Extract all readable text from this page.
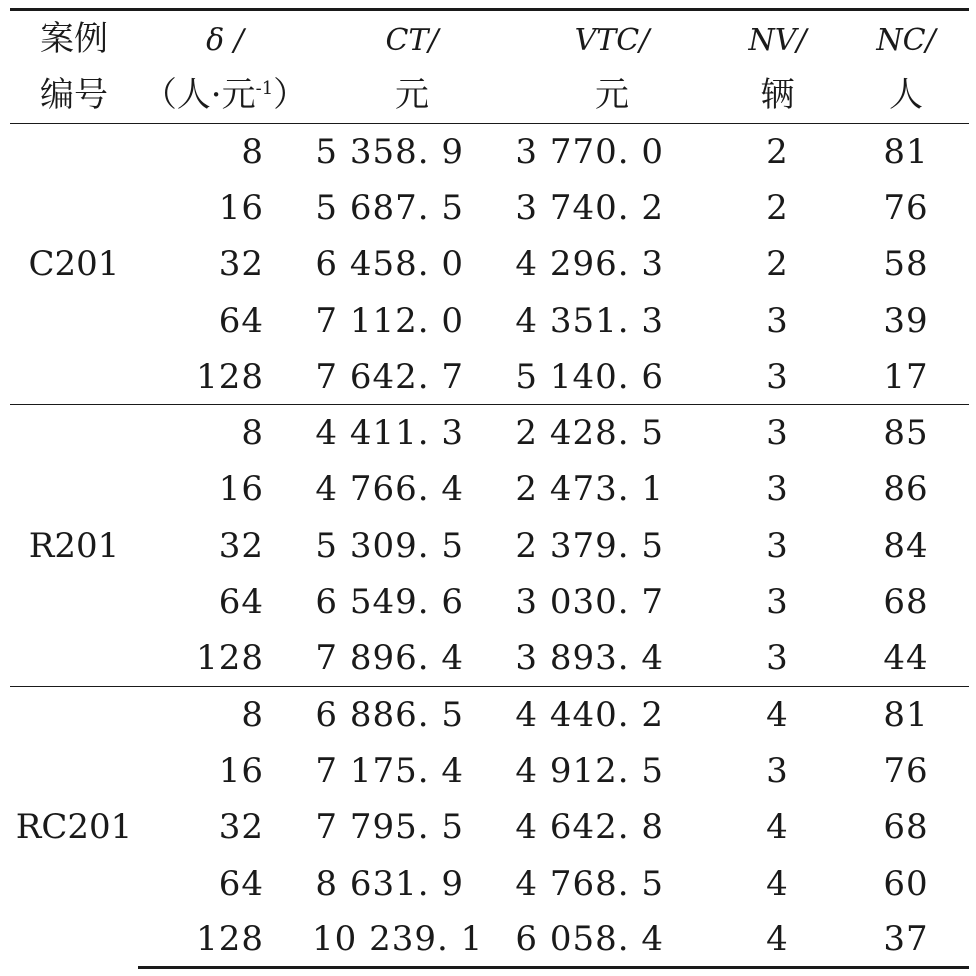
案例	δ /	CT/	VTC/	NV/	NC/
编号	（人·元$^{-1}$）	元	元	辆	人
C201	8	5 358. 9	3 770. 0	2	81
	16	5 687. 5	3 740. 2	2	76
	32	6 458. 0	4 296. 3	2	58
	64	7 112. 0	4 351. 3	3	39
	128	7 642. 7	5 140. 6	3	17
R201	8	4 411. 3	2 428. 5	3	85
	16	4 766. 4	2 473. 1	3	86
	32	5 309. 5	2 379. 5	3	84
	64	6 549. 6	3 030. 7	3	68
	128	7 896. 4	3 893. 4	3	44
RC201	8	6 886. 5	4 440. 2	4	81
	16	7 175. 4	4 912. 5	3	76
	32	7 795. 5	4 642. 8	4	68
	64	8 631. 9	4 768. 5	4	60
	128	10 239. 1	6 058. 4	4	37
